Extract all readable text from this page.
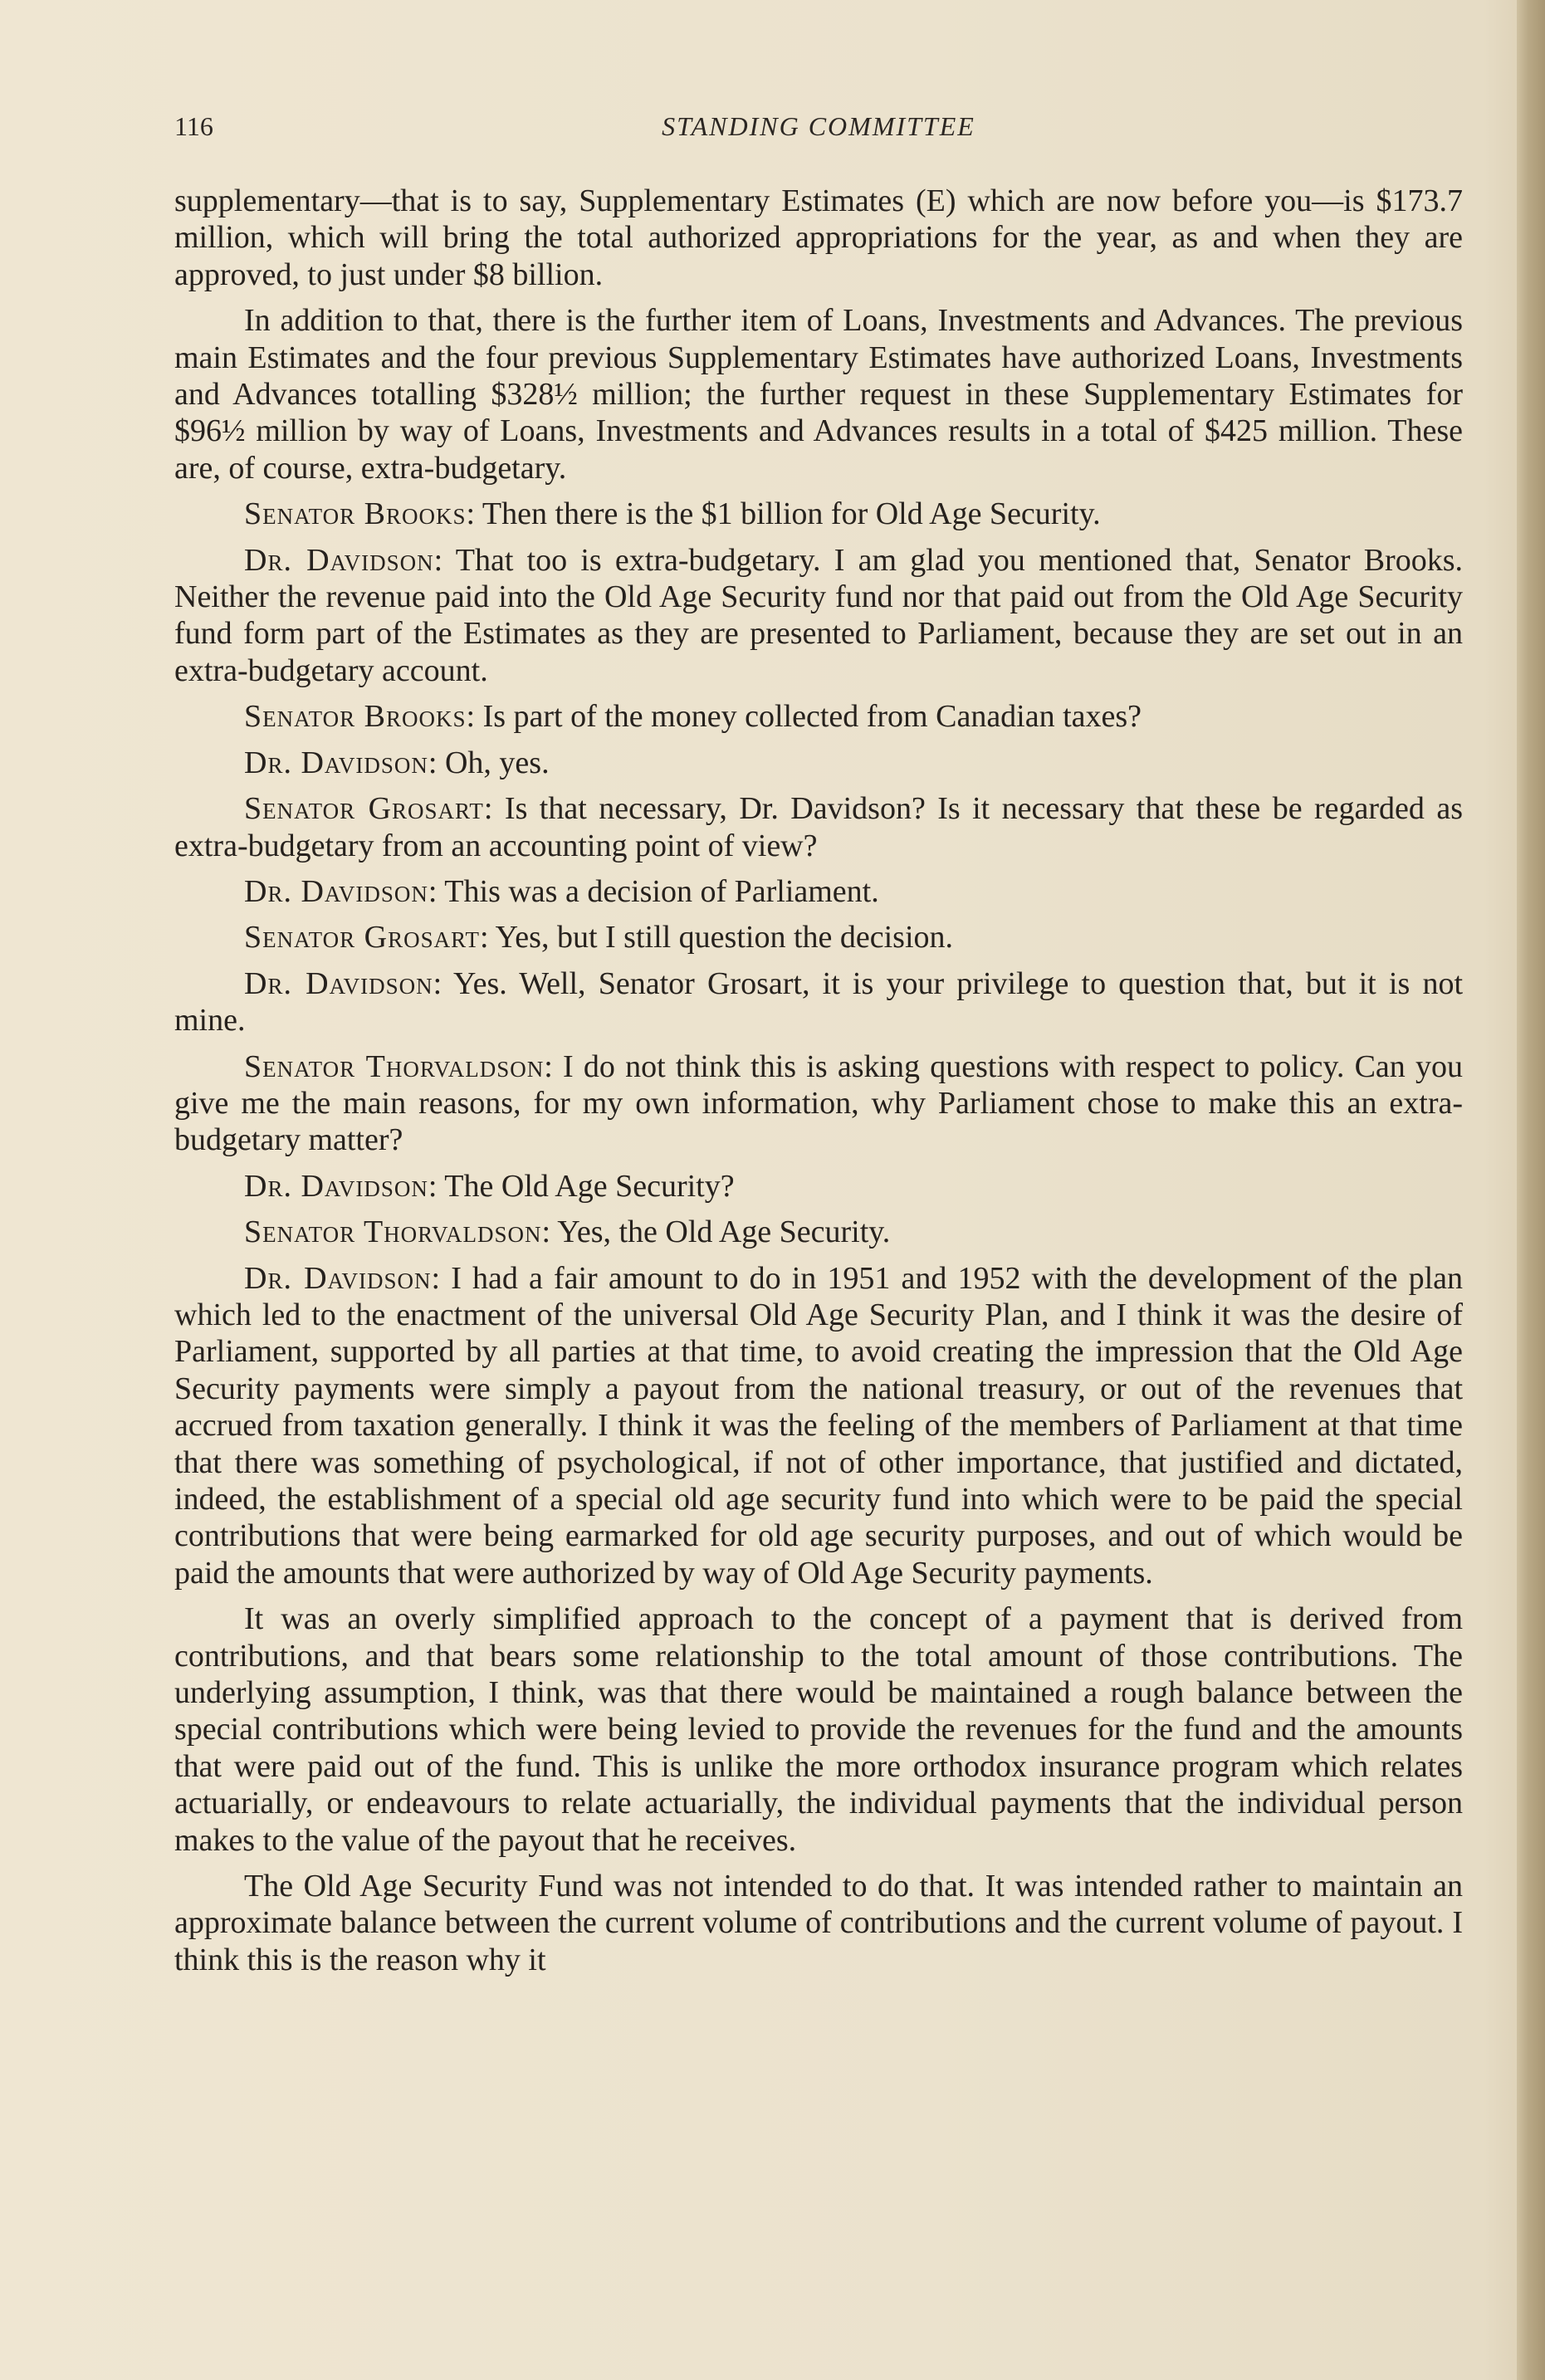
116	STANDING COMMITTEE

supplementary—that is to say, Supplementary Estimates (E) which are now before you—is $173.7 million, which will bring the total authorized appropriations for the year, as and when they are approved, to just under $8 billion.

In addition to that, there is the further item of Loans, Investments and Advances. The previous main Estimates and the four previous Supplementary Estimates have authorized Loans, Investments and Advances totalling $328½ million; the further request in these Supplementary Estimates for $96½ million by way of Loans, Investments and Advances results in a total of $425 million. These are, of course, extra-budgetary.

Senator Brooks: Then there is the $1 billion for Old Age Security.

Dr. Davidson: That too is extra-budgetary. I am glad you mentioned that, Senator Brooks. Neither the revenue paid into the Old Age Security fund nor that paid out from the Old Age Security fund form part of the Estimates as they are presented to Parliament, because they are set out in an extra-budgetary account.

Senator Brooks: Is part of the money collected from Canadian taxes?

Dr. Davidson: Oh, yes.

Senator Grosart: Is that necessary, Dr. Davidson? Is it necessary that these be regarded as extra-budgetary from an accounting point of view?

Dr. Davidson: This was a decision of Parliament.

Senator Grosart: Yes, but I still question the decision.

Dr. Davidson: Yes. Well, Senator Grosart, it is your privilege to question that, but it is not mine.

Senator Thorvaldson: I do not think this is asking questions with respect to policy. Can you give me the main reasons, for my own information, why Parliament chose to make this an extra-budgetary matter?

Dr. Davidson: The Old Age Security?

Senator Thorvaldson: Yes, the Old Age Security.

Dr. Davidson: I had a fair amount to do in 1951 and 1952 with the development of the plan which led to the enactment of the universal Old Age Security Plan, and I think it was the desire of Parliament, supported by all parties at that time, to avoid creating the impression that the Old Age Security payments were simply a payout from the national treasury, or out of the revenues that accrued from taxation generally. I think it was the feeling of the members of Parliament at that time that there was something of psychological, if not of other importance, that justified and dictated, indeed, the establishment of a special old age security fund into which were to be paid the special contributions that were being earmarked for old age security purposes, and out of which would be paid the amounts that were authorized by way of Old Age Security payments.

It was an overly simplified approach to the concept of a payment that is derived from contributions, and that bears some relationship to the total amount of those contributions. The underlying assumption, I think, was that there would be maintained a rough balance between the special contributions which were being levied to provide the revenues for the fund and the amounts that were paid out of the fund. This is unlike the more orthodox insurance program which relates actuarially, or endeavours to relate actuarially, the individual payments that the individual person makes to the value of the payout that he receives.

The Old Age Security Fund was not intended to do that. It was intended rather to maintain an approximate balance between the current volume of contributions and the current volume of payout. I think this is the reason why it
